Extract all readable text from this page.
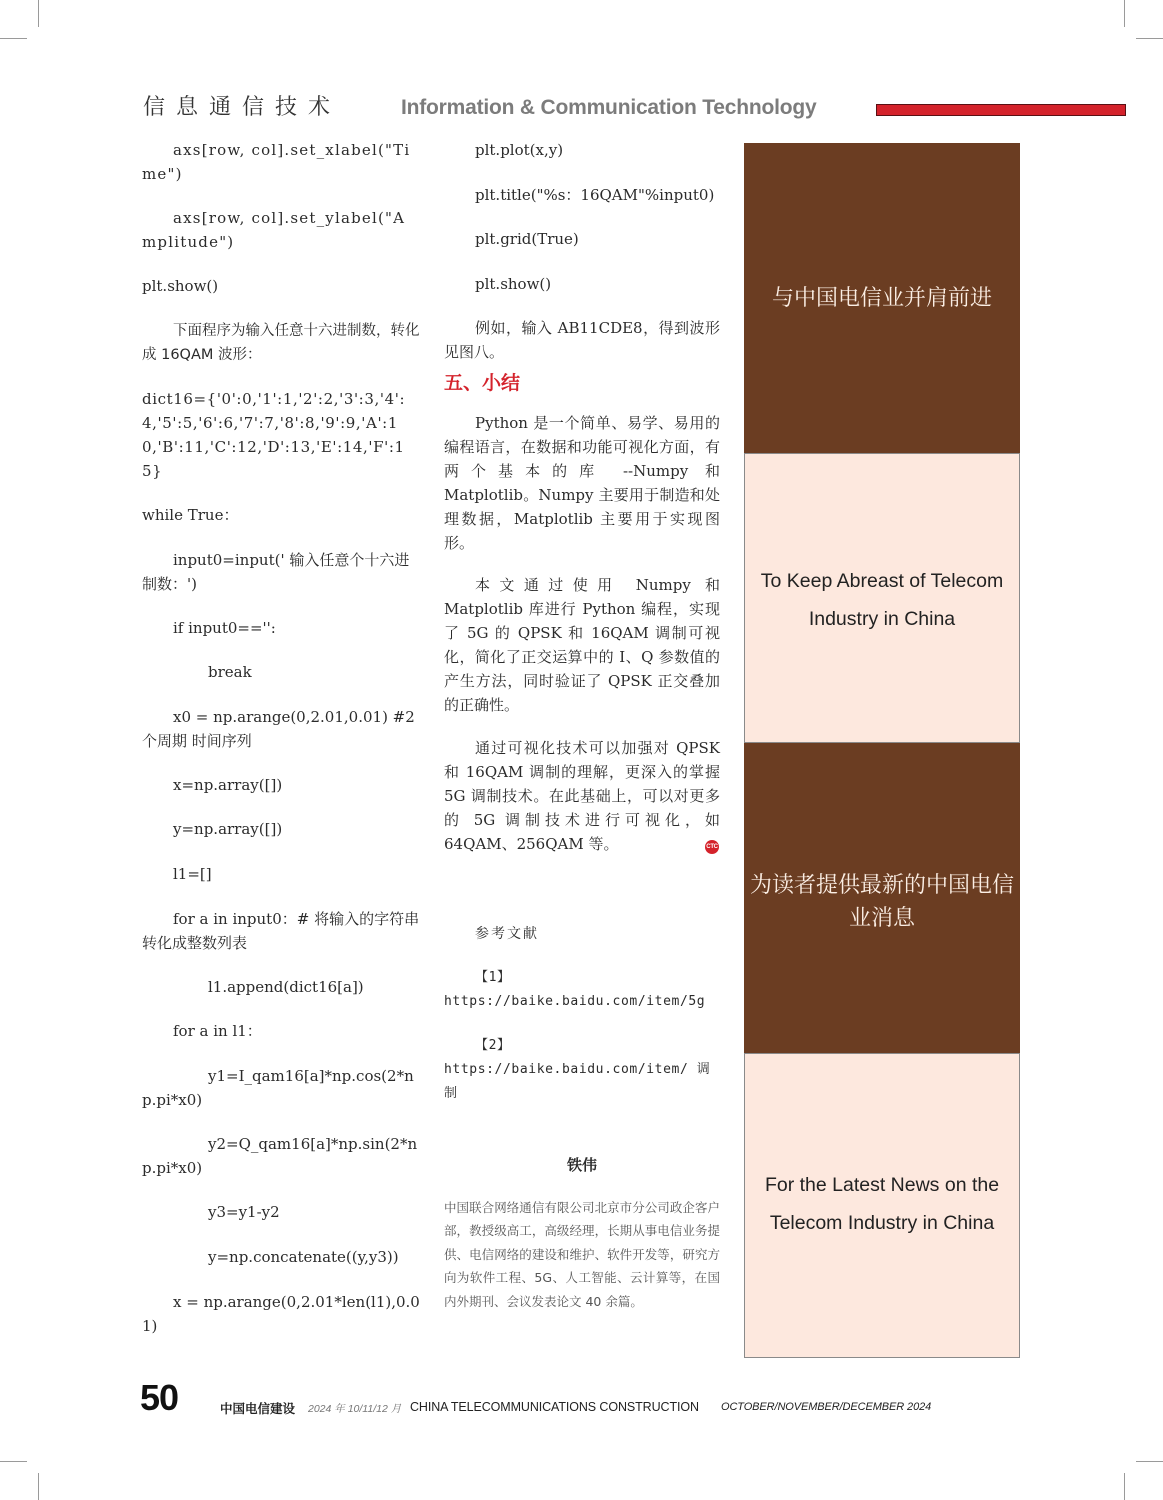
信息通信技术	Information & Communication Technology

axs[row, col].set_xlabel("Time")

axs[row, col].set_ylabel("Amplitude")

plt.show()

下面程序为输入任意十六进制数，转化成 16QAM 波形：

dict16={'0':0,'1':1,'2':2,'3':3,'4':4,'5':5,'6':6,'7':7,'8':8,'9':9,'A':10,'B':11,'C':12,'D':13,'E':14,'F':15}

while True：

input0=input(' 输入任意个十六进制数：')

if input0=='':

break

x0 = np.arange(0,2.01,0.01) #2 个周期 时间序列

x=np.array([])

y=np.array([])

l1=[]

for a in input0：# 将输入的字符串转化成整数列表

l1.append(dict16[a])

for a in l1：

y1=I_qam16[a]*np.cos(2*np.pi*x0)

y2=Q_qam16[a]*np.sin(2*np.pi*x0)

y3=y1-y2

y=np.concatenate((y,y3))

x = np.arange(0,2.01*len(l1),0.01)

plt.plot(x,y)

plt.title("%s：16QAM"%input0)

plt.grid(True)

plt.show()

例如，输入 AB11CDE8，得到波形见图八。

五、小结

Python 是一个简单、易学、易用的编程语言，在数据和功能可视化方面，有两个基本的库 --Numpy 和 Matplotlib。Numpy 主要用于制造和处理数据，Matplotlib 主要用于实现图形。

本文通过使用 Numpy 和 Matplotlib 库进行 Python 编程，实现了 5G 的 QPSK 和 16QAM 调制可视化，简化了正交运算中的 I、Q 参数值的产生方法，同时验证了 QPSK 正交叠加的正确性。

通过可视化技术可以加强对 QPSK 和 16QAM 调制的理解，更深入的掌握 5G 调制技术。在此基础上，可以对更多的 5G 调制技术进行可视化，如 64QAM、256QAM 等。

参考文献

【1】https://baike.baidu.com/item/5g

【2】https://baike.baidu.com/item/ 调制

铁伟

中国联合网络通信有限公司北京市分公司政企客户部，教授级高工，高级经理，长期从事电信业务提供、电信网络的建设和维护、软件开发等，研究方向为软件工程、5G、人工智能、云计算等，在国内外期刊、会议发表论文 40 余篇。

CTC
与中国电信业并肩前进
To Keep Abreast of Telecom Industry in China
为读者提供最新的中国电信业消息
For the Latest News on the Telecom Industry in China
50	中国电信建设 2024 年 10/11/12 月 CHINA TELECOMMUNICATIONS CONSTRUCTION OCTOBER/NOVEMBER/DECEMBER 2024
